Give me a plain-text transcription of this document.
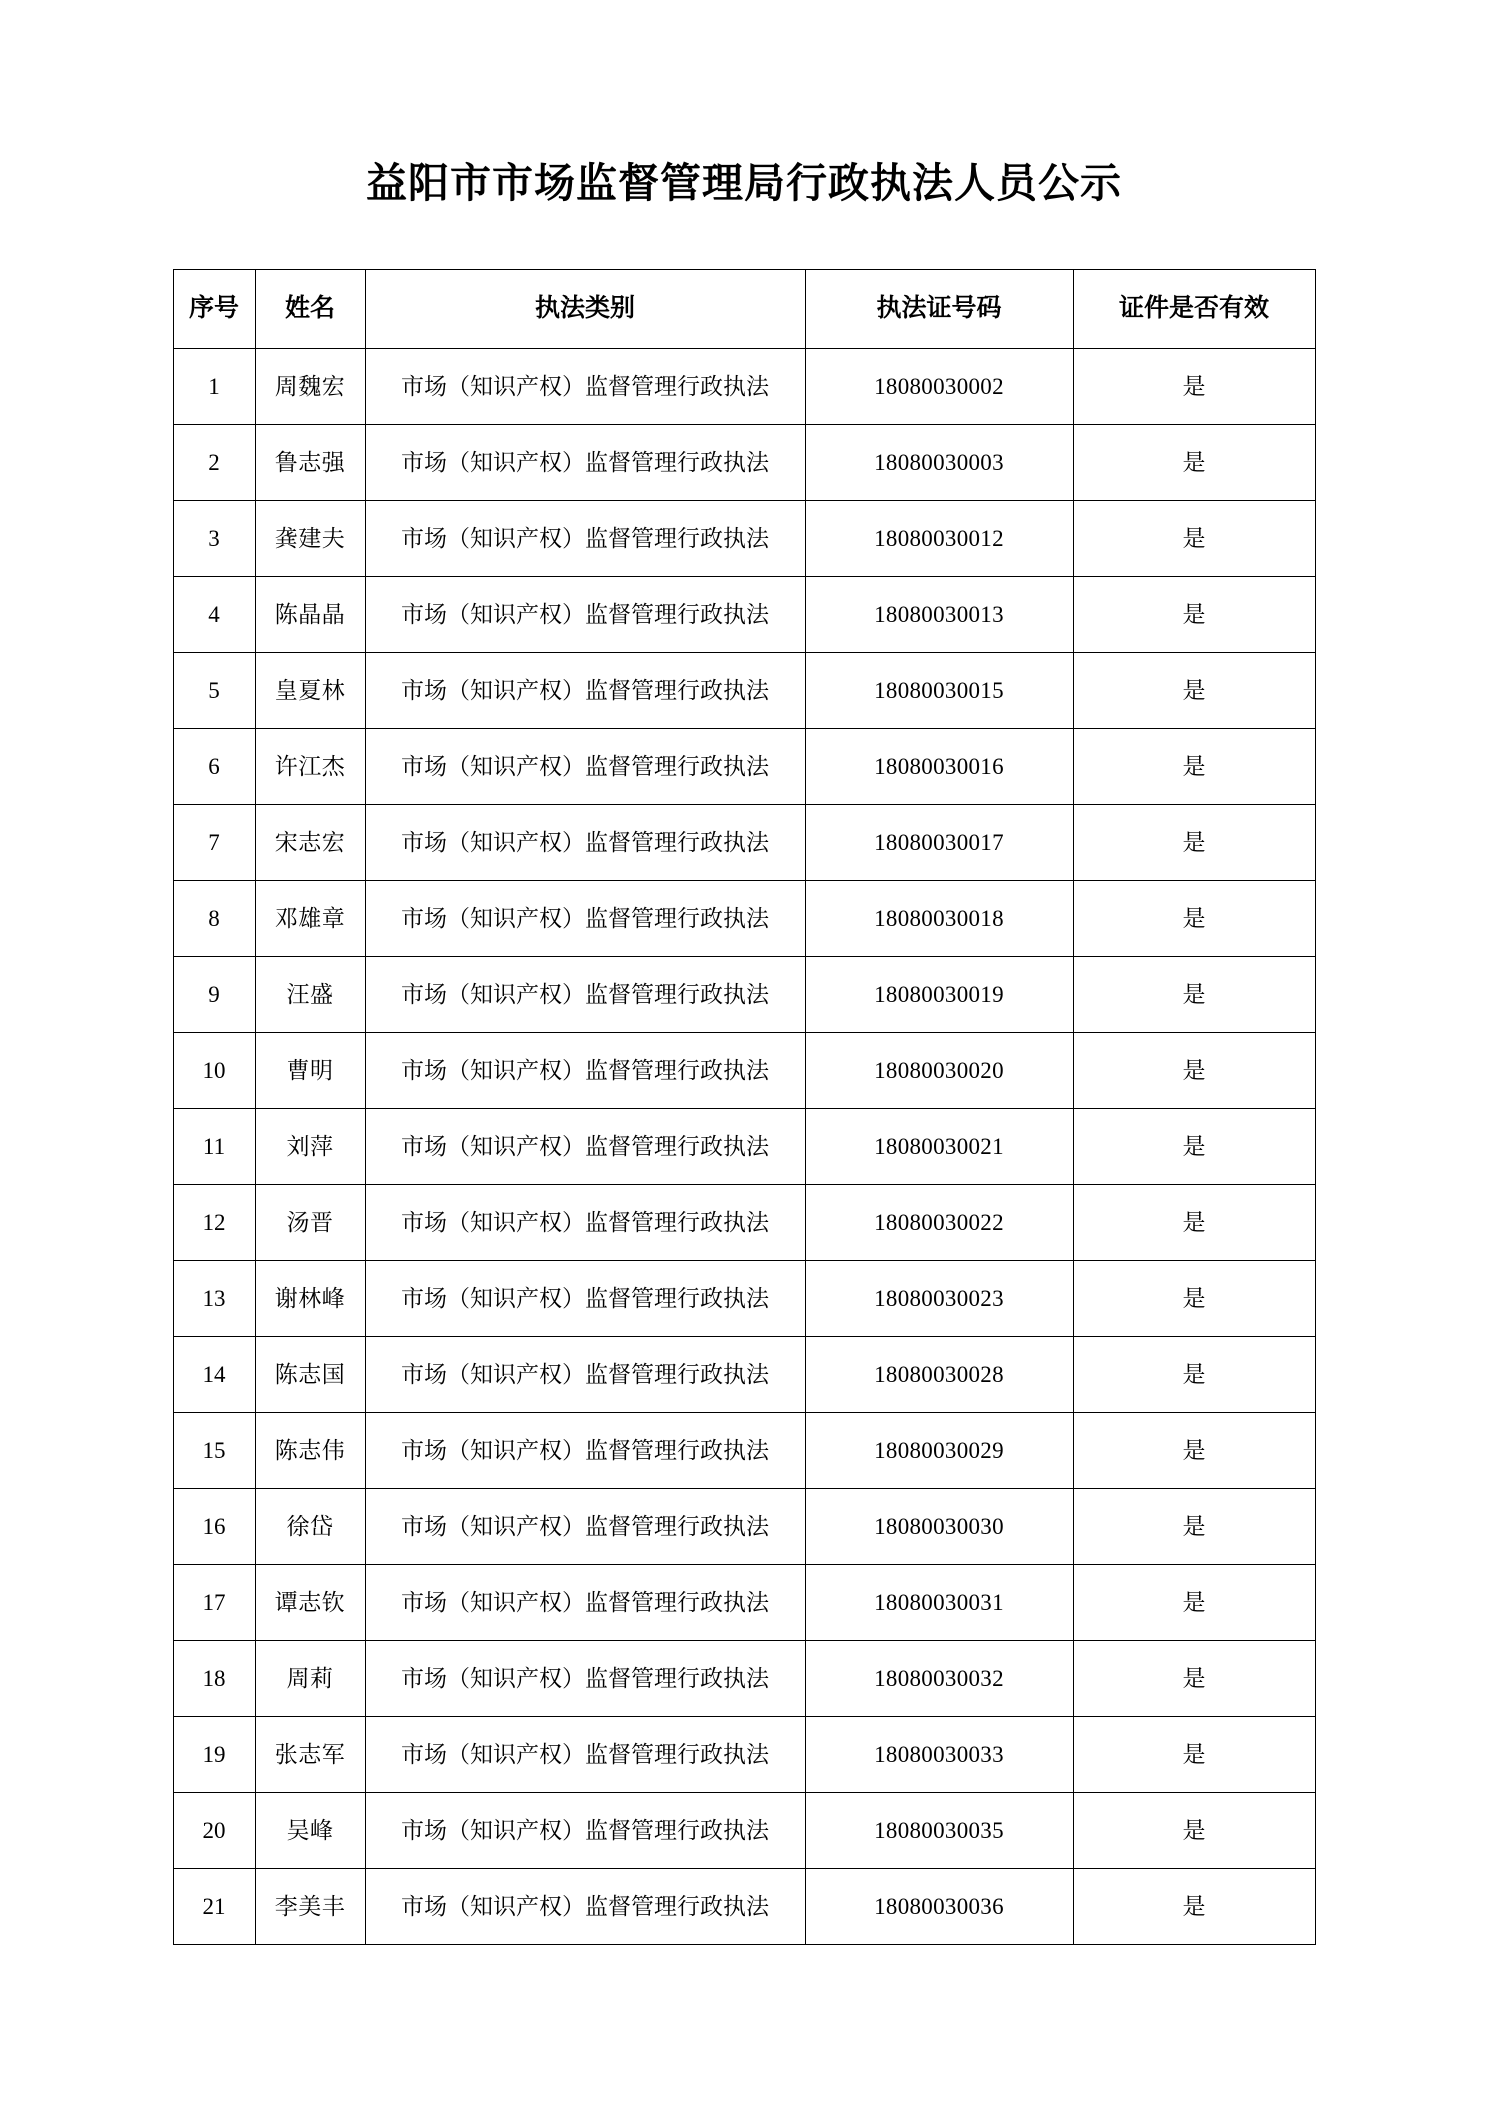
益阳市市场监督管理局行政执法人员公示
序号	姓名	执法类别	执法证号码	证件是否有效
1	周魏宏	市场（知识产权）监督管理行政执法	18080030002	是
2	鲁志强	市场（知识产权）监督管理行政执法	18080030003	是
3	龚建夫	市场（知识产权）监督管理行政执法	18080030012	是
4	陈晶晶	市场（知识产权）监督管理行政执法	18080030013	是
5	皇夏林	市场（知识产权）监督管理行政执法	18080030015	是
6	许江杰	市场（知识产权）监督管理行政执法	18080030016	是
7	宋志宏	市场（知识产权）监督管理行政执法	18080030017	是
8	邓雄章	市场（知识产权）监督管理行政执法	18080030018	是
9	汪盛	市场（知识产权）监督管理行政执法	18080030019	是
10	曹明	市场（知识产权）监督管理行政执法	18080030020	是
11	刘萍	市场（知识产权）监督管理行政执法	18080030021	是
12	汤晋	市场（知识产权）监督管理行政执法	18080030022	是
13	谢林峰	市场（知识产权）监督管理行政执法	18080030023	是
14	陈志国	市场（知识产权）监督管理行政执法	18080030028	是
15	陈志伟	市场（知识产权）监督管理行政执法	18080030029	是
16	徐岱	市场（知识产权）监督管理行政执法	18080030030	是
17	谭志钦	市场（知识产权）监督管理行政执法	18080030031	是
18	周莉	市场（知识产权）监督管理行政执法	18080030032	是
19	张志军	市场（知识产权）监督管理行政执法	18080030033	是
20	吴峰	市场（知识产权）监督管理行政执法	18080030035	是
21	李美丰	市场（知识产权）监督管理行政执法	18080030036	是
